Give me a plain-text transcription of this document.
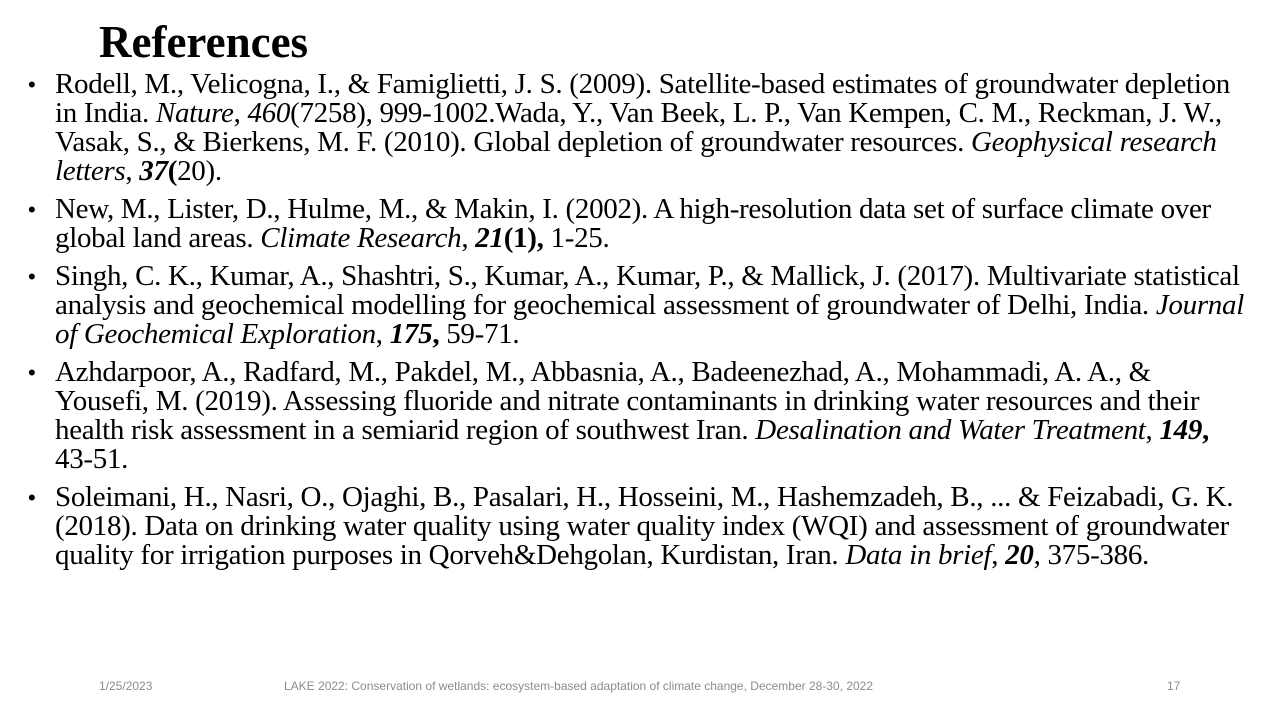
References
• Rodell, M., Velicogna, I., & Famiglietti, J. S. (2009). Satellite-based estimates of groundwater depletion in India. Nature, 460(7258), 999-1002.Wada, Y., Van Beek, L. P., Van Kempen, C. M., Reckman, J. W., Vasak, S., & Bierkens, M. F. (2010). Global depletion of groundwater resources. Geophysical research letters, 37(20).
• New, M., Lister, D., Hulme, M., & Makin, I. (2002). A high-resolution data set of surface climate over global land areas. Climate Research, 21(1), 1-25.
• Singh, C. K., Kumar, A., Shashtri, S., Kumar, A., Kumar, P., & Mallick, J. (2017). Multivariate statistical analysis and geochemical modelling for geochemical assessment of groundwater of Delhi, India. Journal of Geochemical Exploration, 175, 59-71.
• Azhdarpoor, A., Radfard, M., Pakdel, M., Abbasnia, A., Badeenezhad, A., Mohammadi, A. A., & Yousefi, M. (2019). Assessing fluoride and nitrate contaminants in drinking water resources and their health risk assessment in a semiarid region of southwest Iran. Desalination and Water Treatment, 149, 43-51.
• Soleimani, H., Nasri, O., Ojaghi, B., Pasalari, H., Hosseini, M., Hashemzadeh, B., ... & Feizabadi, G. K. (2018). Data on drinking water quality using water quality index (WQI) and assessment of groundwater quality for irrigation purposes in Qorveh&Dehgolan, Kurdistan, Iran. Data in brief, 20, 375-386.
1/25/2023	LAKE 2022: Conservation of wetlands: ecosystem-based adaptation of climate change, December 28-30, 2022	17
